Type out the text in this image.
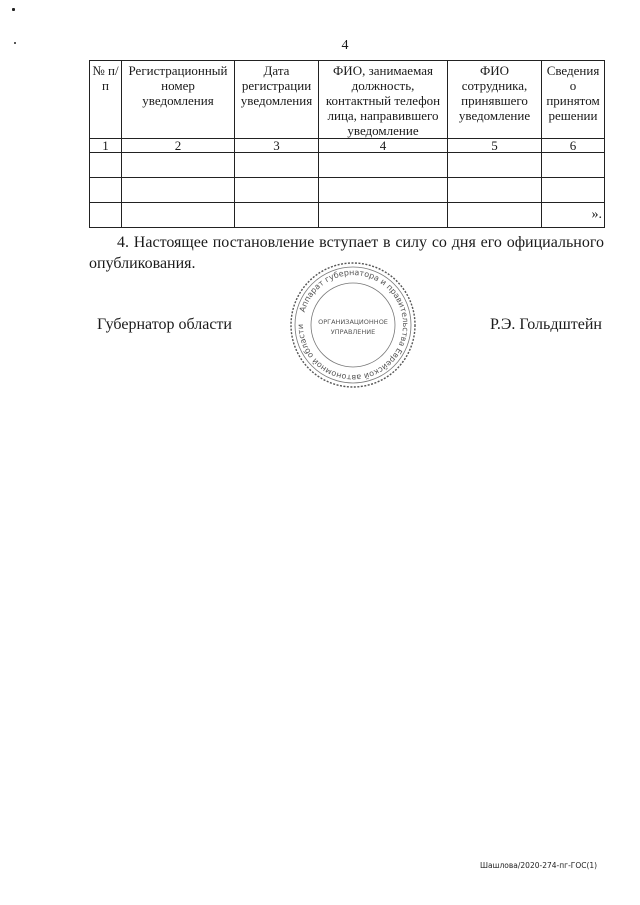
4
№ п/п	Регистрационный номер уведомления	Дата регистрации уведомления	ФИО, занимаемая должность, контактный телефон лица, направившего уведомление	ФИО сотрудника, принявшего уведомление	Сведения о принятом решении
1	2	3	4	5	6

					».

4. Настоящее постановление вступает в силу со дня его официального опубликования.

Аппарат губернатора и правительства Еврейской автономной области
ОРГАНИЗАЦИОННОЕ
УПРАВЛЕНИЕ
Губернатор области	Р.Э. Гольдштейн
Шашлова/2020-274-пг-ГОС(1)
